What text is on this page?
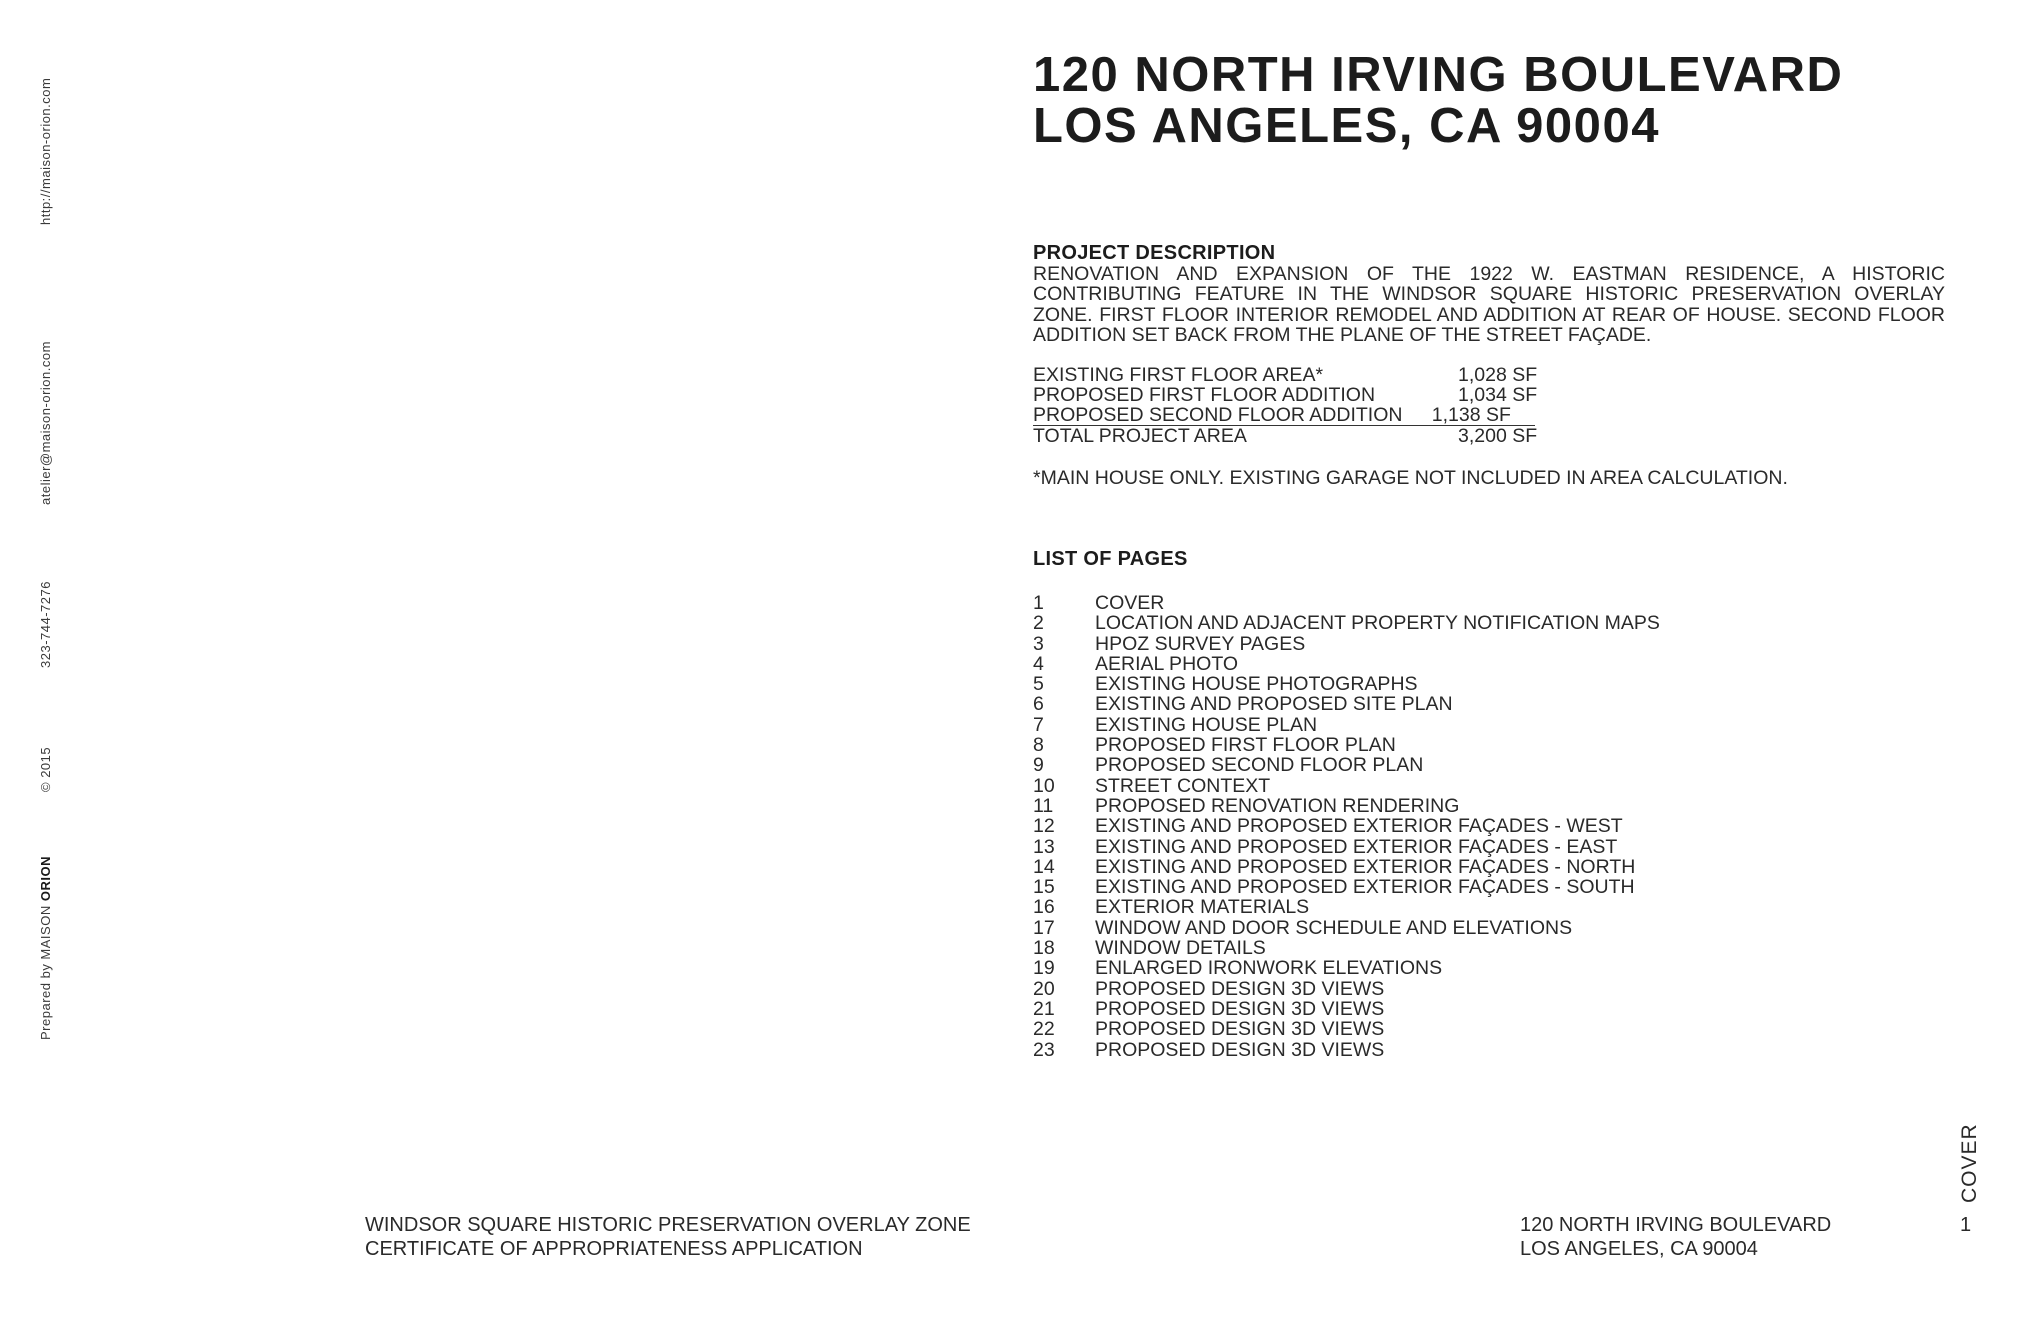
http://maison-orion.com
atelier@maison-orion.com
323-744-7276
© 2015
Prepared by MAISON ORION
120 NORTH IRVING BOULEVARD
LOS ANGELES, CA 90004
PROJECT DESCRIPTION
RENOVATION AND EXPANSION OF THE 1922 W. EASTMAN RESIDENCE, A HISTORIC CONTRIBUTING FEATURE IN THE WINDSOR SQUARE HISTORIC PRESERVATION OVERLAY ZONE. FIRST FLOOR INTERIOR REMODEL AND ADDITION AT REAR OF HOUSE. SECOND FLOOR ADDITION SET BACK FROM THE PLANE OF THE STREET FAÇADE.
EXISTING FIRST FLOOR AREA*	1,028 SF
PROPOSED FIRST FLOOR ADDITION	1,034 SF
PROPOSED SECOND FLOOR ADDITION	1,138 SF
TOTAL PROJECT AREA	3,200 SF
*MAIN HOUSE ONLY. EXISTING GARAGE NOT INCLUDED IN AREA CALCULATION.
LIST OF PAGES
1	COVER
2	LOCATION AND ADJACENT PROPERTY NOTIFICATION MAPS
3	HPOZ SURVEY PAGES
4	AERIAL PHOTO
5	EXISTING HOUSE PHOTOGRAPHS
6	EXISTING AND PROPOSED SITE PLAN
7	EXISTING HOUSE PLAN
8	PROPOSED FIRST FLOOR PLAN
9	PROPOSED SECOND FLOOR PLAN
10	STREET CONTEXT
11	PROPOSED RENOVATION RENDERING
12	EXISTING AND PROPOSED EXTERIOR FAÇADES - WEST
13	EXISTING AND PROPOSED EXTERIOR FAÇADES - EAST
14	EXISTING AND PROPOSED EXTERIOR FAÇADES - NORTH
15	EXISTING AND PROPOSED EXTERIOR FAÇADES - SOUTH
16	EXTERIOR MATERIALS
17	WINDOW AND DOOR SCHEDULE AND ELEVATIONS
18	WINDOW DETAILS
19	ENLARGED IRONWORK ELEVATIONS
20	PROPOSED DESIGN 3D VIEWS
21	PROPOSED DESIGN 3D VIEWS
22	PROPOSED DESIGN 3D VIEWS
23	PROPOSED DESIGN 3D VIEWS
WINDSOR SQUARE HISTORIC PRESERVATION OVERLAY ZONE
CERTIFICATE OF APPROPRIATENESS APPLICATION
120 NORTH IRVING BOULEVARD
LOS ANGELES, CA 90004
COVER
1
